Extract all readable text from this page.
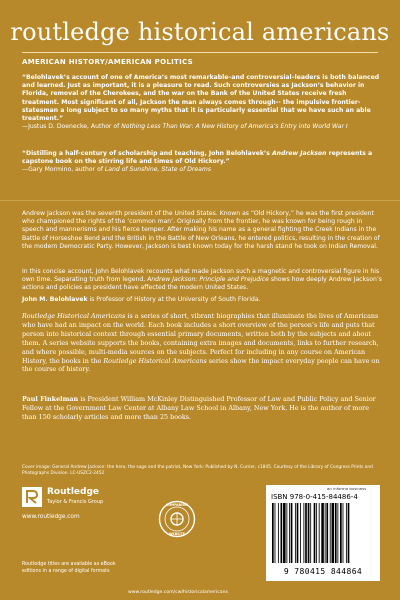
routledge historical americans
AMERICAN HISTORY/AMERICAN POLITICS
“Belohlavek’s account of one of America’s most remarkable–and controversial–leaders is both balanced and learned. Just as important, it is a pleasure to read. Such controversies as Jackson’s behavior in Florida, removal of the Cherokees, and the war on the Bank of the United States receive fresh treatment. Most significant of all, Jackson the man always comes through-- the impulsive frontier-statesman a long subject to so many myths that it is particularly essential that we have such an able treatment.”
—Justus D. Doenecke, Author of Nothing Less Than War: A New History of America’s Entry into World War I
“Distilling a half-century of scholarship and teaching, John Belohlavek’s Andrew Jackson represents a capstone book on the stirring life and times of Old Hickory.”
—Gary Mormino, author of Land of Sunshine, State of Dreams
Andrew Jackson was the seventh president of the United States. Known as “Old Hickory,” he was the first president who championed the rights of the ‘common man’. Originally from the frontier, he was known for being rough in speech and mannerisms and his fierce temper. After making his name as a general fighting the Creek Indians in the Battle of Horseshoe Bend and the British in the Battle of New Orleans, he entered politics, resulting in the creation of the modern Democratic Party. However, Jackson is best known today for the harsh stand he took on Indian Removal.
In this concise account, John Belohlavek recounts what made Jackson such a magnetic and controversial figure in his own time. Separating truth from legend, Andrew Jackson: Principle and Prejudice shows how deeply Andrew Jackson’s actions and policies as president have affected the modern United States.
John M. Belohlavek is Professor of History at the University of South Florida.
Routledge Historical Americans is a series of short, vibrant biographies that illuminate the lives of Americans who have had an impact on the world. Each book includes a short overview of the person’s life and puts that person into historical context through essential primary documents, written both by the subjects and about them. A series website supports the books, containing extra images and documents, links to further research, and where possible, multi-media sources on the subjects. Perfect for including in any course on American History, the books in the Routledge Historical Americans series show the impact everyday people can have on the course of history.
Paul Finkelman is President William McKinley Distinguished Professor of Law and Public Policy and Senior Fellow at the Government Law Center at Albany Law School in Albany, New York. He is the author of more than 150 scholarly articles and more than 25 books.
Cover image: General Andrew Jackson: the hero, the sage and the patriot, New York: Published by N. Currier, c1845. Courtesy of the Library of Congress Prints and Photographs Division. LC-USZC2-2452
Routledge
Taylor & Francis Group
www.routledge.com
Routledge titles are available as eBook editions in a range of digital formats
COMPANION
WEBSITE
www.routledge.com/cw/historicalamericans
an informa business
ISBN 978-0-415-84486-4
9 780415 844864
